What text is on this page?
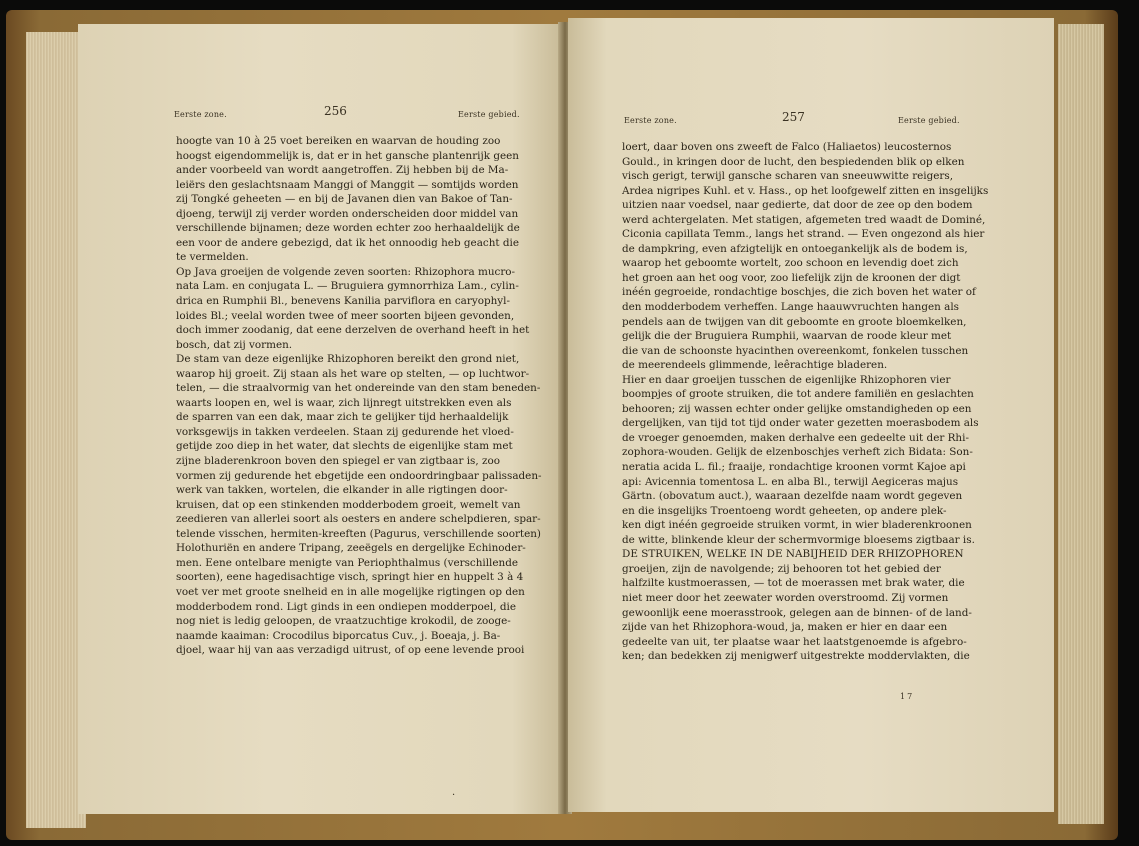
Eerste zone.	256	Eerste gebied.
hoogte van 10 à 25 voet bereiken en waarvan de houding zoo
hoogst eigendommelijk is, dat er in het gansche plantenrijk geen
ander voorbeeld van wordt aangetroffen. Zij hebben bij de Ma-
leiërs den geslachtsnaam Manggi of Manggit — somtijds worden
zij Tongké geheeten — en bij de Javanen dien van Bakoe of Tan-
djoeng, terwijl zij verder worden onderscheiden door middel van
verschillende bijnamen; deze worden echter zoo herhaaldelijk de
een voor de andere gebezigd, dat ik het onnoodig heb geacht die
te vermelden.
Op Java groeijen de volgende zeven soorten: Rhizophora mucro-
nata Lam. en conjugata L. — Bruguiera gymnorrhiza Lam., cylin-
drica en Rumphii Bl., benevens Kanilia parviflora en caryophyl-
loides Bl.; veelal worden twee of meer soorten bijeen gevonden,
doch immer zoodanig, dat eene derzelven de overhand heeft in het
bosch, dat zij vormen.
De stam van deze eigenlijke Rhizophoren bereikt den grond niet,
waarop hij groeit. Zij staan als het ware op stelten, — op luchtwor-
telen, — die straalvormig van het ondereinde van den stam beneden-
waarts loopen en, wel is waar, zich lijnregt uitstrekken even als
de sparren van een dak, maar zich te gelijker tijd herhaaldelijk
vorksgewijs in takken verdeelen. Staan zij gedurende het vloed-
getijde zoo diep in het water, dat slechts de eigenlijke stam met
zijne bladerenkroon boven den spiegel er van zigtbaar is, zoo
vormen zij gedurende het ebgetijde een ondoordringbaar palissaden-
werk van takken, wortelen, die elkander in alle rigtingen door-
kruisen, dat op een stinkenden modderbodem groeit, wemelt van
zeedieren van allerlei soort als oesters en andere schelpdieren, spar-
telende visschen, hermiten-kreeften (Pagurus, verschillende soorten)
Holothuriën en andere Tripang, zeeëgels en dergelijke Echinoder-
men. Eene ontelbare menigte van Periophthalmus (verschillende
soorten), eene hagedisachtige visch, springt hier en huppelt 3 à 4
voet ver met groote snelheid en in alle mogelijke rigtingen op den
modderbodem rond. Ligt ginds in een ondiepen modderpoel, die
nog niet is ledig geloopen, de vraatzuchtige krokodil, de zooge-
naamde kaaiman: Crocodilus biporcatus Cuv., j. Boeaja, j. Ba-
djoel, waar hij van aas verzadigd uitrust, of op eene levende prooi
Eerste zone.	257	Eerste gebied.
loert, daar boven ons zweeft de Falco (Haliaetos) leucosternos
Gould., in kringen door de lucht, den bespiedenden blik op elken
visch gerigt, terwijl gansche scharen van sneeuwwitte reigers,
Ardea nigripes Kuhl. et v. Hass., op het loofgewelf zitten en insgelijks
uitzien naar voedsel, naar gedierte, dat door de zee op den bodem
werd achtergelaten. Met statigen, afgemeten tred waadt de Dominé,
Ciconia capillata Temm., langs het strand. — Even ongezond als hier
de dampkring, even afzigtelijk en ontoegankelijk als de bodem is,
waarop het geboomte wortelt, zoo schoon en levendig doet zich
het groen aan het oog voor, zoo liefelijk zijn de kroonen der digt
inéén gegroeide, rondachtige boschjes, die zich boven het water of
den modderbodem verheffen. Lange haauwvruchten hangen als
pendels aan de twijgen van dit geboomte en groote bloemkelken,
gelijk die der Bruguiera Rumphii, waarvan de roode kleur met
die van de schoonste hyacinthen overeenkomt, fonkelen tusschen
de meerendeels glimmende, leêrachtige bladeren.
Hier en daar groeijen tusschen de eigenlijke Rhizophoren vier
boompjes of groote struiken, die tot andere familiën en geslachten
behooren; zij wassen echter onder gelijke omstandigheden op een
dergelijken, van tijd tot tijd onder water gezetten moerasbodem als
de vroeger genoemden, maken derhalve een gedeelte uit der Rhi-
zophora-wouden. Gelijk de elzenboschjes verheft zich Bidata: Son-
neratia acida L. fil.; fraaije, rondachtige kroonen vormt Kajoe api
api: Avicennia tomentosa L. en alba Bl., terwijl Aegiceras majus
Gärtn. (obovatum auct.), waaraan dezelfde naam wordt gegeven
en die insgelijks Troentoeng wordt geheeten, op andere plek-
ken digt inéén gegroeide struiken vormt, in wier bladerenkroonen
de witte, blinkende kleur der schermvormige bloesems zigtbaar is.
DE STRUIKEN, WELKE IN DE NABIJHEID DER RHIZOPHOREN
groeijen, zijn de navolgende; zij behooren tot het gebied der
halfzilte kustmoerassen, — tot de moerassen met brak water, die
niet meer door het zeewater worden overstroomd. Zij vormen
gewoonlijk eene moerasstrook, gelegen aan de binnen- of de land-
zijde van het Rhizophora-woud, ja, maken er hier en daar een
gedeelte van uit, ter plaatse waar het laatstgenoemde is afgebro-
ken; dan bedekken zij menigwerf uitgestrekte moddervlakten, die
17
·
